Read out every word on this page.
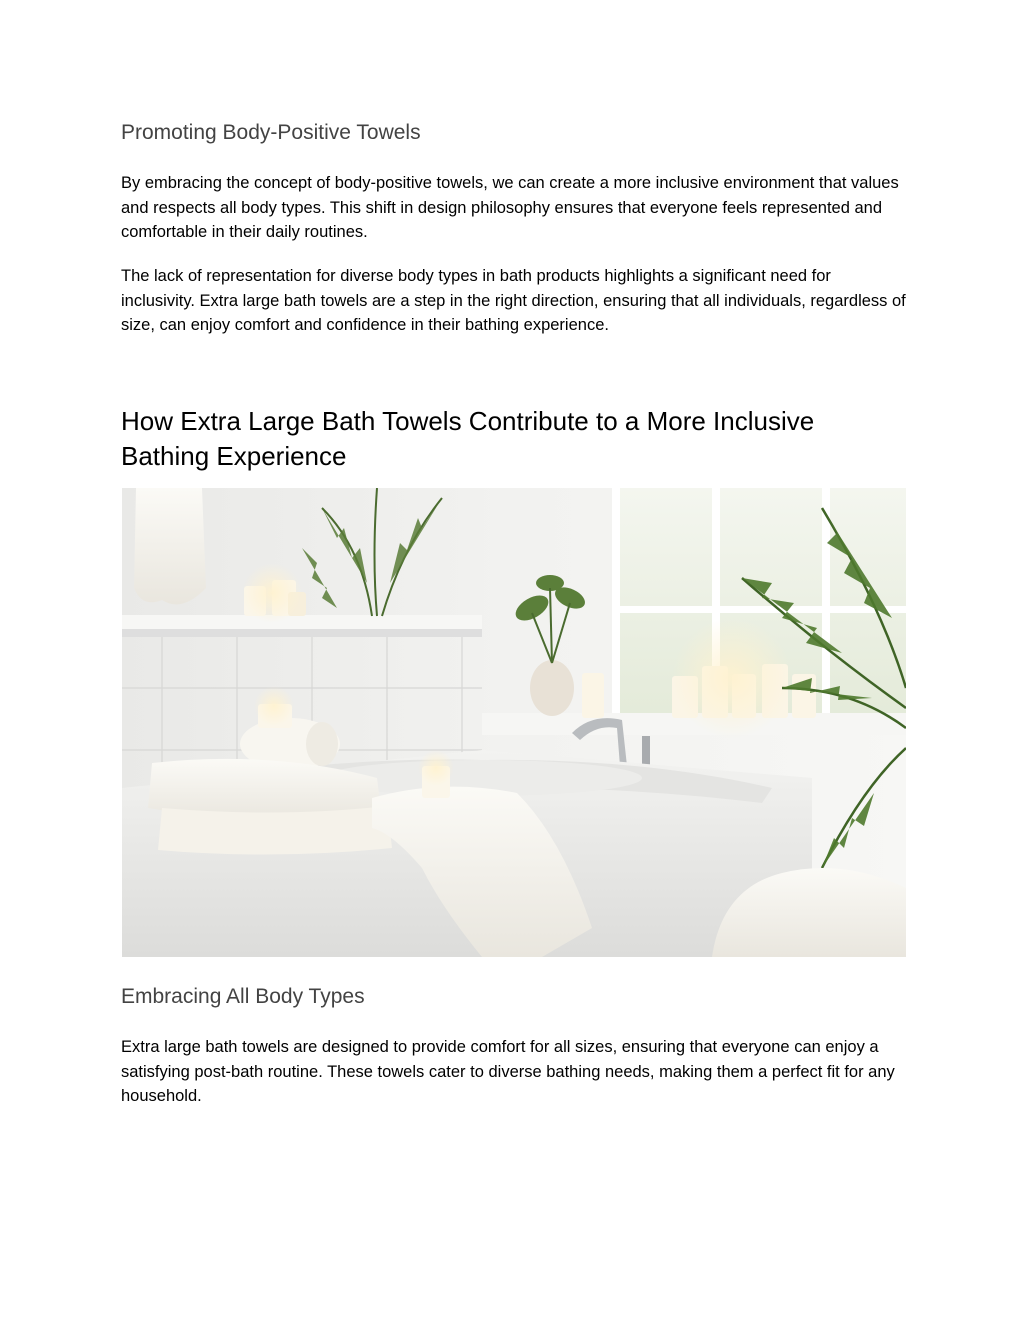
Promoting Body-Positive Towels

By embracing the concept of body-positive towels, we can create a more inclusive environment that values and respects all body types. This shift in design philosophy ensures that everyone feels represented and comfortable in their daily routines.

The lack of representation for diverse body types in bath products highlights a significant need for inclusivity. Extra large bath towels are a step in the right direction, ensuring that all individuals, regardless of size, can enjoy comfort and confidence in their bathing experience.

How Extra Large Bath Towels Contribute to a More Inclusive Bathing Experience
Embracing All Body Types

Extra large bath towels are designed to provide comfort for all sizes, ensuring that everyone can enjoy a satisfying post-bath routine. These towels cater to diverse bathing needs, making them a perfect fit for any household.
